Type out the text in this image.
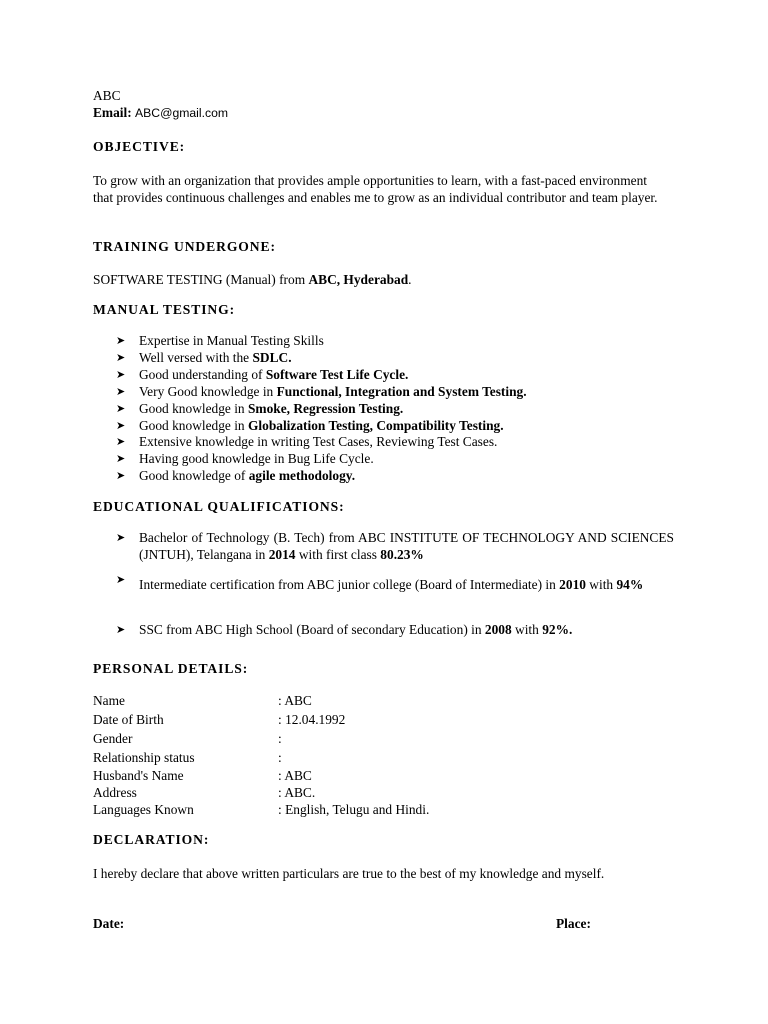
ABC
Email: ABC@gmail.com
OBJECTIVE:
To grow with an organization that provides ample opportunities to learn, with a fast-paced environment that provides continuous challenges and enables me to grow as an individual contributor and team player.
TRAINING UNDERGONE:
SOFTWARE TESTING (Manual) from ABC, Hyderabad.
MANUAL TESTING:
➤ Expertise in Manual Testing Skills
➤ Well versed with the SDLC.
➤ Good understanding of Software Test Life Cycle.
➤ Very Good knowledge in Functional, Integration and System Testing.
➤ Good knowledge in Smoke, Regression Testing.
➤ Good knowledge in Globalization Testing, Compatibility Testing.
➤ Extensive knowledge in writing Test Cases, Reviewing Test Cases.
➤ Having good knowledge in Bug Life Cycle.
➤ Good knowledge of agile methodology.
EDUCATIONAL QUALIFICATIONS:
➤ Bachelor of Technology (B. Tech) from ABC INSTITUTE OF TECHNOLOGY AND SCIENCES (JNTUH), Telangana in 2014 with first class 80.23%
➤ Intermediate certification from ABC junior college (Board of Intermediate) in 2010 with 94%
➤ SSC from ABC High School (Board of secondary Education) in 2008 with 92%.
PERSONAL DETAILS:
Name	: ABC
Date of Birth	: 12.04.1992
Gender	:
Relationship status	:
Husband's Name	: ABC
Address	: ABC.
Languages Known	: English, Telugu and Hindi.
DECLARATION:
I hereby declare that above written particulars are true to the best of my knowledge and myself.
Date:	Place:
